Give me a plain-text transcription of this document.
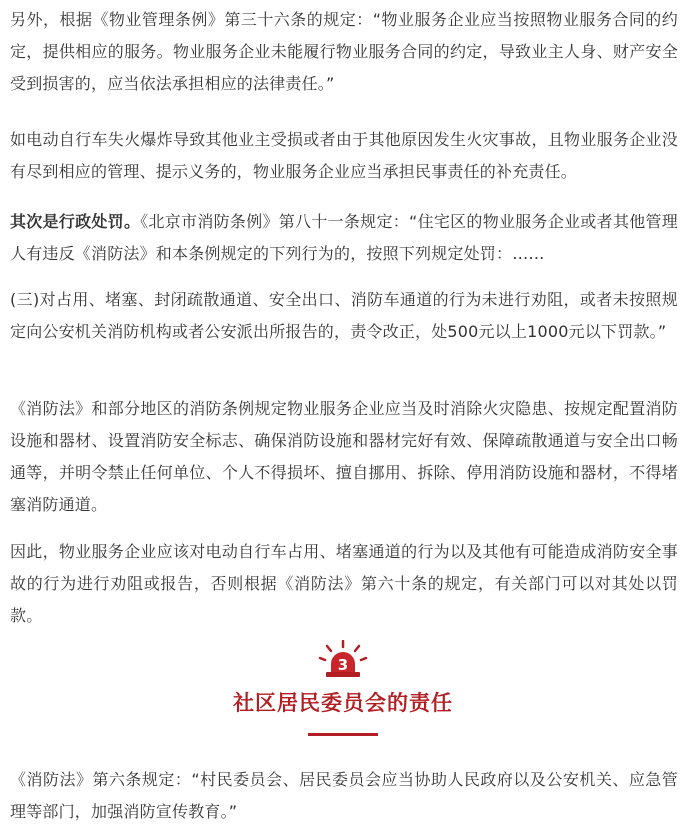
另外，根据《物业管理条例》第三十六条的规定：“物业服务企业应当按照物业服务合同的约定，提供相应的服务。物业服务企业未能履行物业服务合同的约定，导致业主人身、财产安全受到损害的，应当依法承担相应的法律责任。”

如电动自行车失火爆炸导致其他业主受损或者由于其他原因发生火灾事故，且物业服务企业没有尽到相应的管理、提示义务的，物业服务企业应当承担民事责任的补充责任。

其次是行政处罚。《北京市消防条例》第八十一条规定：“住宅区的物业服务企业或者其他管理人有违反《消防法》和本条例规定的下列行为的，按照下列规定处罚：……

(三)对占用、堵塞、封闭疏散通道、安全出口、消防车通道的行为未进行劝阻，或者未按照规定向公安机关消防机构或者公安派出所报告的，责令改正，处500元以上1000元以下罚款。”

《消防法》和部分地区的消防条例规定物业服务企业应当及时消除火灾隐患、按规定配置消防设施和器材、设置消防安全标志、确保消防设施和器材完好有效、保障疏散通道与安全出口畅通等，并明令禁止任何单位、个人不得损坏、擅自挪用、拆除、停用消防设施和器材，不得堵塞消防通道。

因此，物业服务企业应该对电动自行车占用、堵塞通道的行为以及其他有可能造成消防安全事故的行为进行劝阻或报告，否则根据《消防法》第六十条的规定，有关部门可以对其处以罚款。

3
社区居民委员会的责任

《消防法》第六条规定：“村民委员会、居民委员会应当协助人民政府以及公安机关、应急管理等部门，加强消防宣传教育。”
